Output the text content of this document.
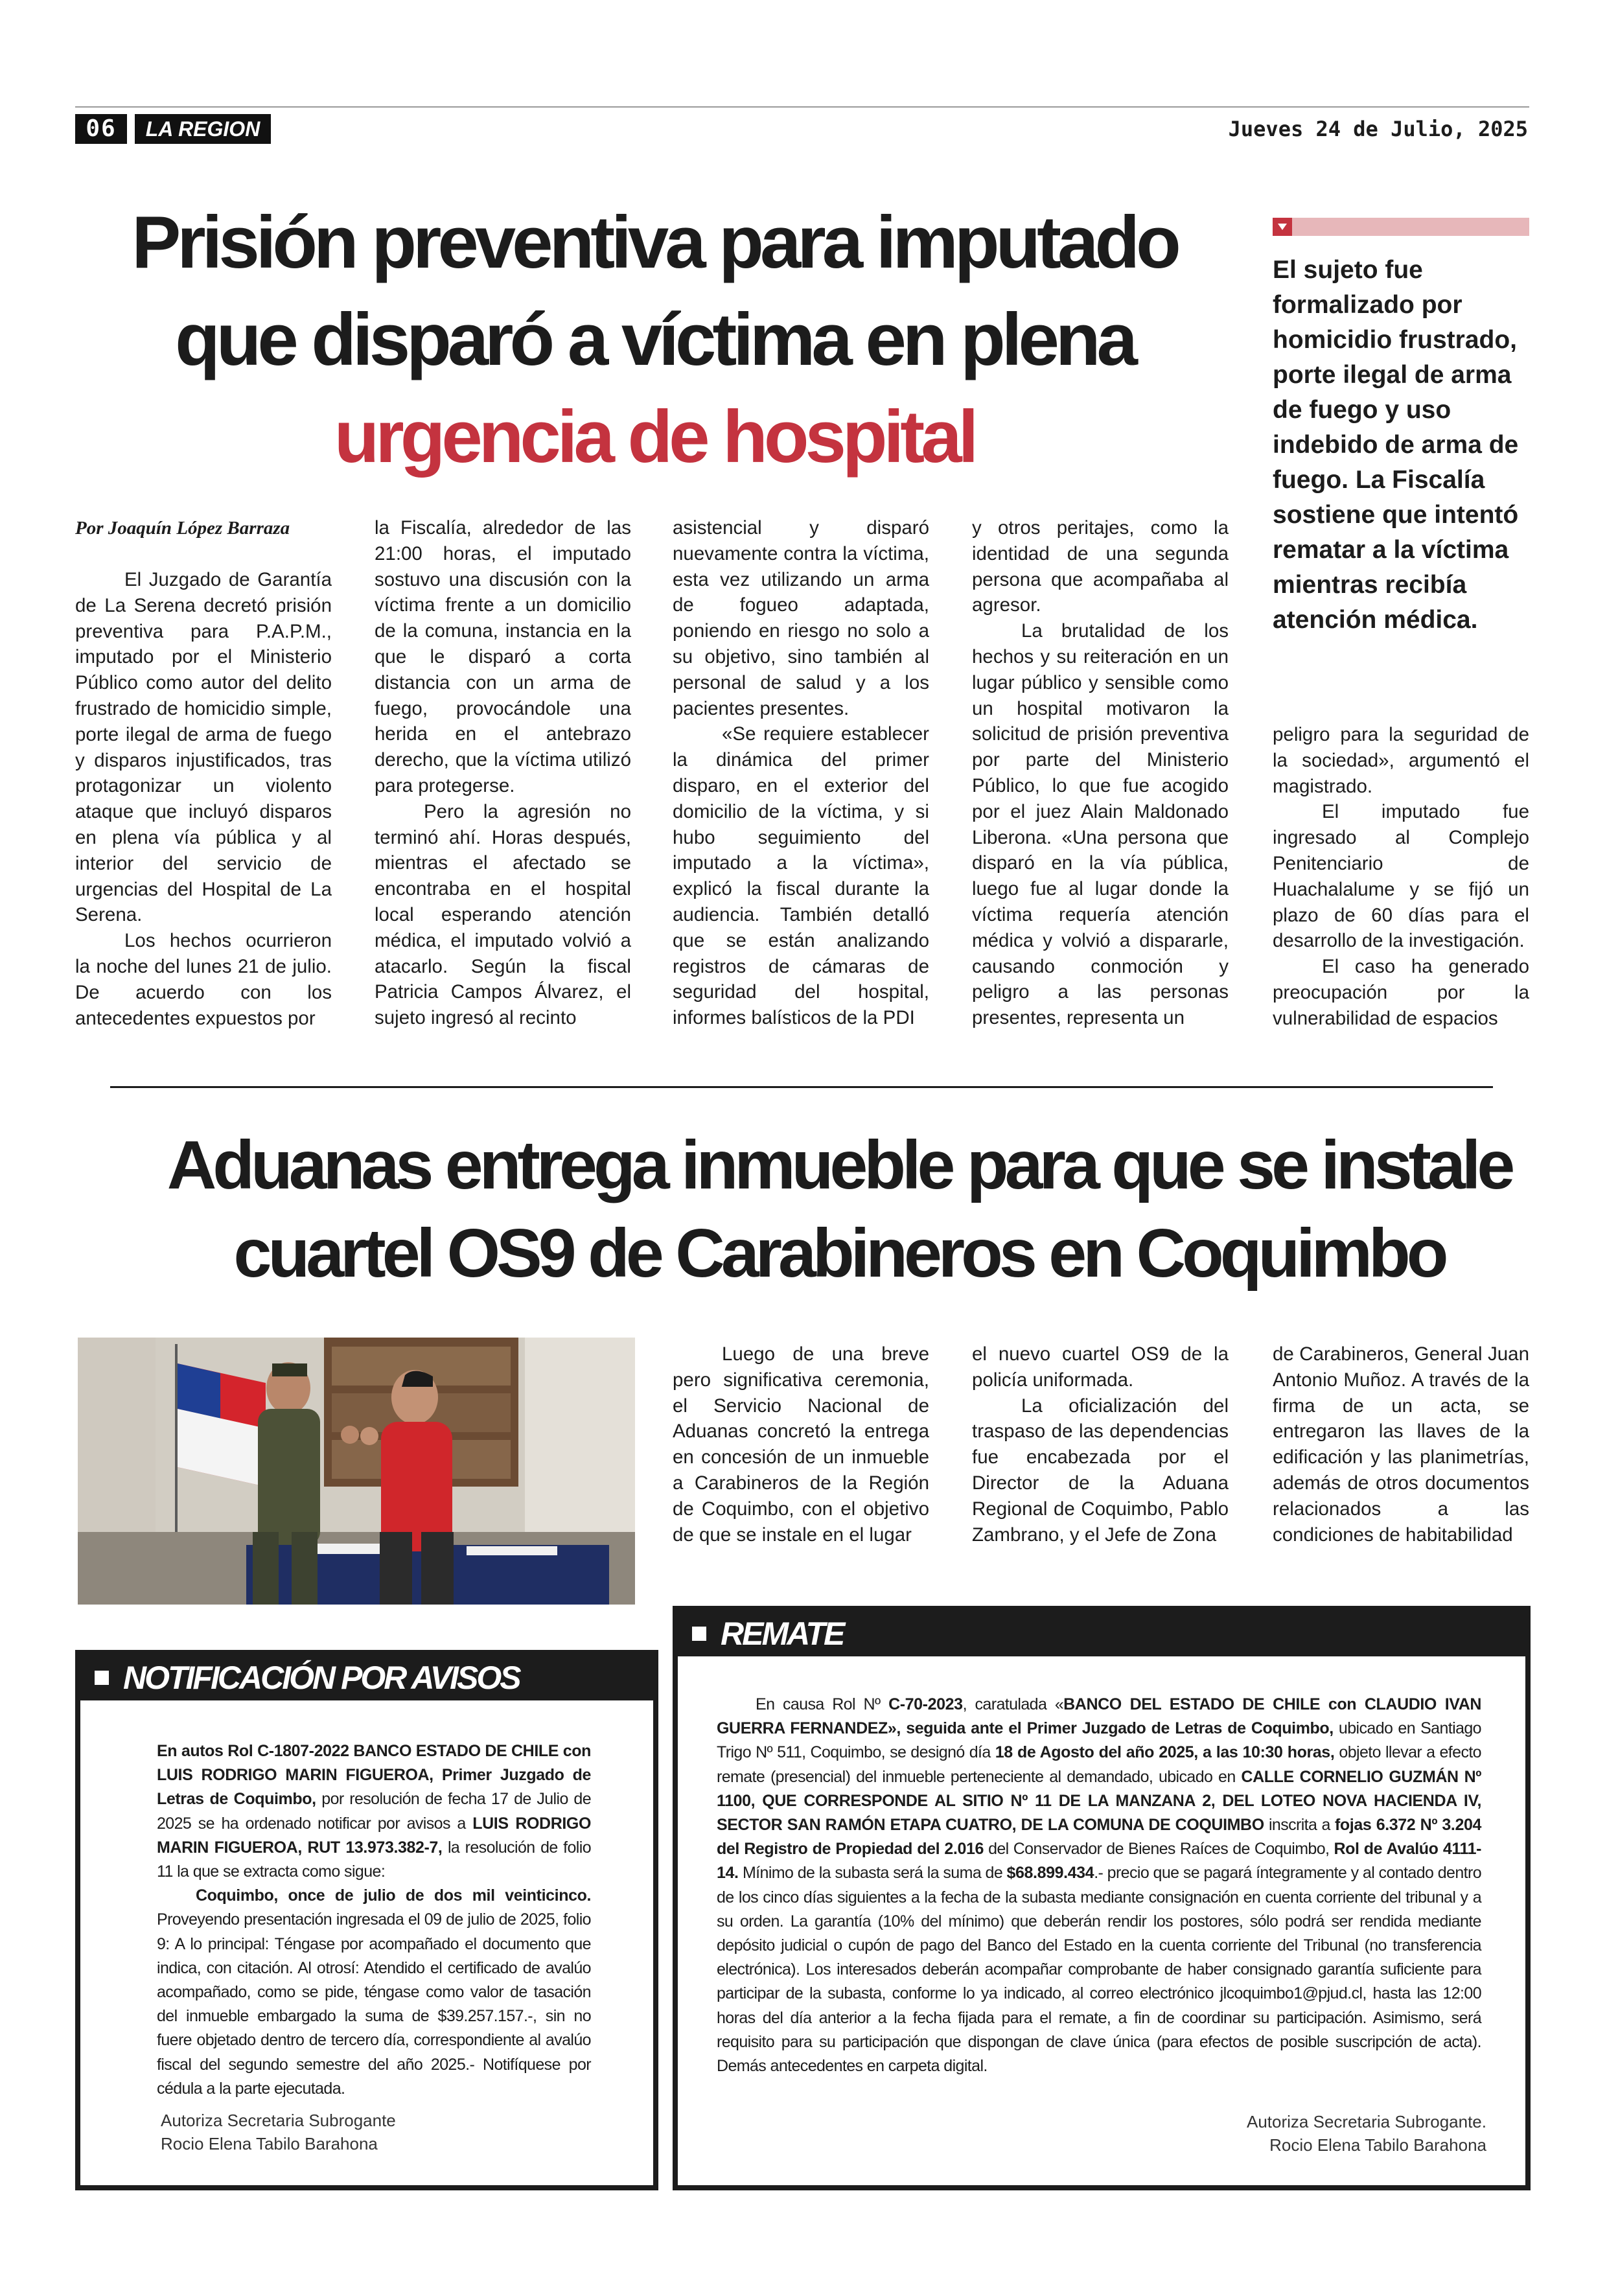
06	LA REGION	Jueves 24 de Julio, 2025
Prisión preventiva para imputado
que disparó a víctima en plena
urgencia de hospital
El sujeto fue formalizado por homicidio frustrado, porte ilegal de arma de fuego y uso indebido de arma de fuego. La Fiscalía sostiene que intentó rematar a la víctima mientras recibía atención médica.

Por Joaquín López Barraza

El Juzgado de Garantía de La Serena decretó prisión preventiva para P.A.P.M., imputado por el Ministerio Público como autor del delito frustrado de homicidio simple, porte ilegal de arma de fuego y disparos injustificados, tras protagonizar un violento ataque que incluyó disparos en plena vía pública y al interior del servicio de urgencias del Hospital de La Serena.

Los hechos ocurrieron la noche del lunes 21 de julio. De acuerdo con los antecedentes expuestos por

la Fiscalía, alrededor de las 21:00 horas, el imputado sostuvo una discusión con la víctima frente a un domicilio de la comuna, instancia en la que le disparó a corta distancia con un arma de fuego, provocándole una herida en el antebrazo derecho, que la víctima utilizó para protegerse.

Pero la agresión no terminó ahí. Horas después, mientras el afectado se encontraba en el hospital local esperando atención médica, el imputado volvió a atacarlo. Según la fiscal Patricia Campos Álvarez, el sujeto ingresó al recinto

asistencial y disparó nuevamente contra la víctima, esta vez utilizando un arma de fogueo adaptada, poniendo en riesgo no solo a su objetivo, sino también al personal de salud y a los pacientes presentes.

«Se requiere establecer la dinámica del primer disparo, en el exterior del domicilio de la víctima, y si hubo seguimiento del imputado a la víctima», explicó la fiscal durante la audiencia. También detalló que se están analizando registros de cámaras de seguridad del hospital, informes balísticos de la PDI

y otros peritajes, como la identidad de una segunda persona que acompañaba al agresor.

La brutalidad de los hechos y su reiteración en un lugar público y sensible como un hospital motivaron la solicitud de prisión preventiva por parte del Ministerio Público, lo que fue acogido por el juez Alain Maldonado Liberona. «Una persona que disparó en la vía pública, luego fue al lugar donde la víctima requería atención médica y volvió a dispararle, causando conmoción y peligro a las personas presentes, representa un

peligro para la seguridad de la sociedad», argumentó el magistrado.

El imputado fue ingresado al Complejo Penitenciario de Huachalalume y se fijó un plazo de 60 días para el desarrollo de la investigación.

El caso ha generado preocupación por la vulnerabilidad de espacios

Aduanas entrega inmueble para que se instale
cuartel OS9 de Carabineros en Coquimbo

Luego de una breve pero significativa ceremonia, el Servicio Nacional de Aduanas concretó la entrega en concesión de un inmueble a Carabineros de la Región de Coquimbo, con el objetivo de que se instale en el lugar

el nuevo cuartel OS9 de la policía uniformada.

La oficialización del traspaso de las dependencias fue encabezada por el Director de la Aduana Regional de Coquimbo, Pablo Zambrano, y el Jefe de Zona

de Carabineros, General Juan Antonio Muñoz. A través de la firma de un acta, se entregaron las llaves de la edificación y las planimetrías, además de otros documentos relacionados a las condiciones de habitabilidad

NOTIFICACIÓN POR AVISOS

En autos Rol C-1807-2022 BANCO ESTADO DE CHILE con LUIS RODRIGO MARIN FIGUEROA, Primer Juzgado de Letras de Coquimbo, por resolución de fecha 17 de Julio de 2025 se ha ordenado notificar por avisos a LUIS RODRIGO MARIN FIGUEROA, RUT 13.973.382-7, la resolución de folio 11 la que se extracta como sigue:

Coquimbo, once de julio de dos mil veinticinco. Proveyendo presentación ingresada el 09 de julio de 2025, folio 9: A lo principal: Téngase por acompañado el documento que indica, con citación. Al otrosí: Atendido el certificado de avalúo acompañado, como se pide, téngase como valor de tasación del inmueble embargado la suma de $39.257.157.-, sin no fuere objetado dentro de tercero día, correspondiente al avalúo fiscal del segundo semestre del año 2025.- Notifíquese por cédula a la parte ejecutada.

Autoriza Secretaria Subrogante
Rocio Elena Tabilo Barahona
REMATE

En causa Rol Nº C-70-2023, caratulada «BANCO DEL ESTADO DE CHILE con CLAUDIO IVAN GUERRA FERNANDEZ», seguida ante el Primer Juzgado de Letras de Coquimbo, ubicado en Santiago Trigo Nº 511, Coquimbo, se designó día 18 de Agosto del año 2025, a las 10:30 horas, objeto llevar a efecto remate (presencial) del inmueble perteneciente al demandado, ubicado en CALLE CORNELIO GUZMÁN Nº 1100, QUE CORRESPONDE AL SITIO Nº 11 DE LA MANZANA 2, DEL LOTEO NOVA HACIENDA IV, SECTOR SAN RAMÓN ETAPA CUATRO, DE LA COMUNA DE COQUIMBO inscrita a fojas 6.372 Nº 3.204 del Registro de Propiedad del 2.016 del Conservador de Bienes Raíces de Coquimbo, Rol de Avalúo 4111-14. Mínimo de la subasta será la suma de $68.899.434.- precio que se pagará íntegramente y al contado dentro de los cinco días siguientes a la fecha de la subasta mediante consignación en cuenta corriente del tribunal y a su orden. La garantía (10% del mínimo) que deberán rendir los postores, sólo podrá ser rendida mediante depósito judicial o cupón de pago del Banco del Estado en la cuenta corriente del Tribunal (no transferencia electrónica). Los interesados deberán acompañar comprobante de haber consignado garantía suficiente para participar de la subasta, conforme lo ya indicado, al correo electrónico jlcoquimbo1@pjud.cl, hasta las 12:00 horas del día anterior a la fecha fijada para el remate, a fin de coordinar su participación. Asimismo, será requisito para su participación que dispongan de clave única (para efectos de posible suscripción de acta). Demás antecedentes en carpeta digital.

Autoriza Secretaria Subrogante.
Rocio Elena Tabilo Barahona
